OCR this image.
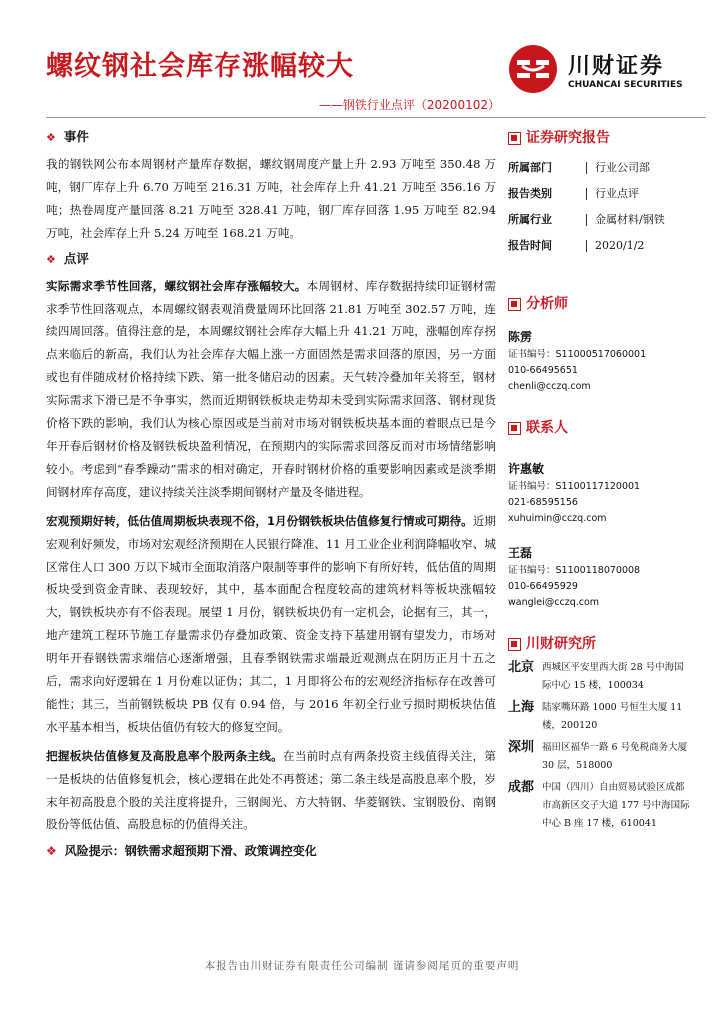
螺纹钢社会库存涨幅较大
——钢铁行业点评（20200102）
川财证券
CHUANCAI SECURITIES
❖ 事件

我的钢铁网公布本周钢材产量库存数据，螺纹钢周度产量上升 2.93 万吨至 350.48 万吨，钢厂库存上升 6.70 万吨至 216.31 万吨，社会库存上升 41.21 万吨至 356.16 万吨；热卷周度产量回落 8.21 万吨至 328.41 万吨，钢厂库存回落 1.95 万吨至 82.94 万吨，社会库存上升 5.24 万吨至 168.21 万吨。

❖ 点评

实际需求季节性回落，螺纹钢社会库存涨幅较大。本周钢材、库存数据持续印证钢材需求季节性回落观点，本周螺纹钢表观消费量周环比回落 21.81 万吨至 302.57 万吨，连续四周回落。值得注意的是，本周螺纹钢社会库存大幅上升 41.21 万吨，涨幅创库存拐点来临后的新高，我们认为社会库存大幅上涨一方面固然是需求回落的原因，另一方面或也有伴随成材价格持续下跌、第一批冬储启动的因素。天气转冷叠加年关将至，钢材实际需求下滑已是不争事实，然而近期钢铁板块走势却未受到实际需求回落、钢材现货价格下跌的影响，我们认为核心原因或是当前对市场对钢铁板块基本面的着眼点已是今年开春后钢材价格及钢铁板块盈利情况，在预期内的实际需求回落反而对市场情绪影响较小。考虑到“春季躁动”需求的相对确定，开春时钢材价格的重要影响因素或是淡季期间钢材库存高度，建议持续关注淡季期间钢材产量及冬储进程。

宏观预期好转，低估值周期板块表现不俗，1月份钢铁板块估值修复行情或可期待。近期宏观利好频发，市场对宏观经济预期在人民银行降准、11 月工业企业利润降幅收窄、城区常住人口 300 万以下城市全面取消落户限制等事件的影响下有所好转，低估值的周期板块受到资金青睐、表现较好，其中，基本面配合程度较高的建筑材料等板块涨幅较大，钢铁板块亦有不俗表现。展望 1 月份，钢铁板块仍有一定机会，论据有三，其一，地产建筑工程环节施工存量需求仍存叠加政策、资金支持下基建用钢有望发力，市场对明年开春钢铁需求端信心逐渐增强，且春季钢铁需求端最近观测点在阴历正月十五之后，需求向好逻辑在 1 月份难以证伪；其二，1 月即将公布的宏观经济指标存在改善可能性；其三，当前钢铁板块 PB 仅有 0.94 倍，与 2016 年初全行业亏损时期板块估值水平基本相当，板块估值仍有较大的修复空间。

把握板块估值修复及高股息率个股两条主线。在当前时点有两条投资主线值得关注，第一是板块的估值修复机会，核心逻辑在此处不再赘述；第二条主线是高股息率个股，岁末年初高股息个股的关注度将提升，三钢闽光、方大特钢、华菱钢铁、宝钢股份、南钢股份等低估值、高股息标的仍值得关注。

❖ 风险提示：钢铁需求超预期下滑、政策调控变化
证券研究报告
所属部门	行业公司部
报告类别	行业点评
所属行业	金属材料/钢铁
报告时间	2020/1/2
分析师
陈雳
证书编号：S1100051706​0001
010-66495651
chenli@cczq.com
联系人
许惠敏
证书编号：S1100117120001
021-68595156
xuhuimin@cczq.com
王磊
证书编号：S1100118070008
010-66495929
wanglei@cczq.com
川财研究所
北京 西城区平安里西大街 28 号中海国际中心 15 楼，100034
上海 陆家嘴环路 1000 号恒生大厦 11 楼，200120
深圳 福田区福华一路 6 号免税商务大厦 30 层，518000
成都 中国（四川）自由贸易试验区成都市高新区交子大道 177 号中海国际中心 B 座 17 楼，610041
本报告由川财证券有限责任公司编制 谨请参阅尾页的重要声明
